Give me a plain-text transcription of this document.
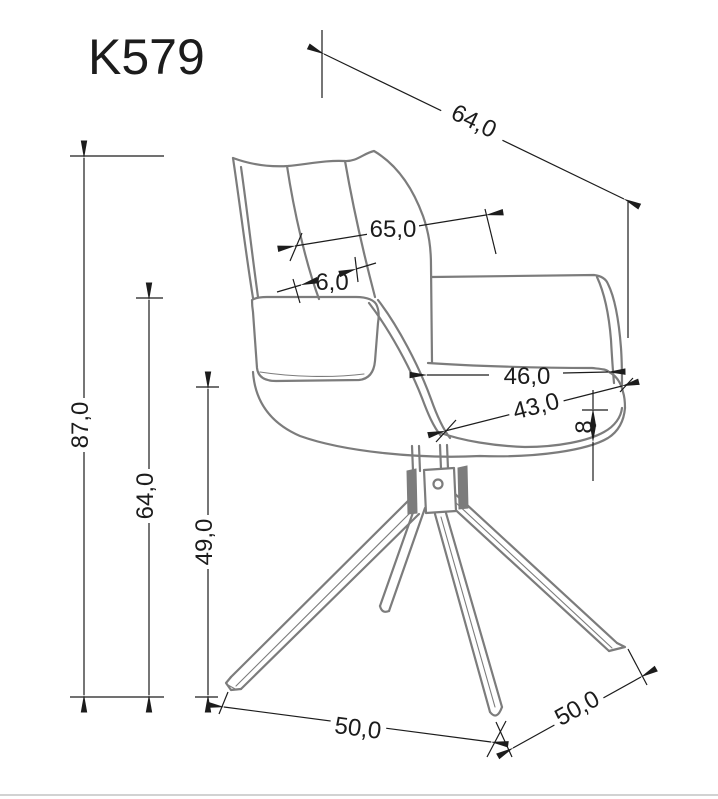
87,0
64,0
49,0
64,0
65,0
6,0
46,0
43,0
8
50,0	50,0
K579
